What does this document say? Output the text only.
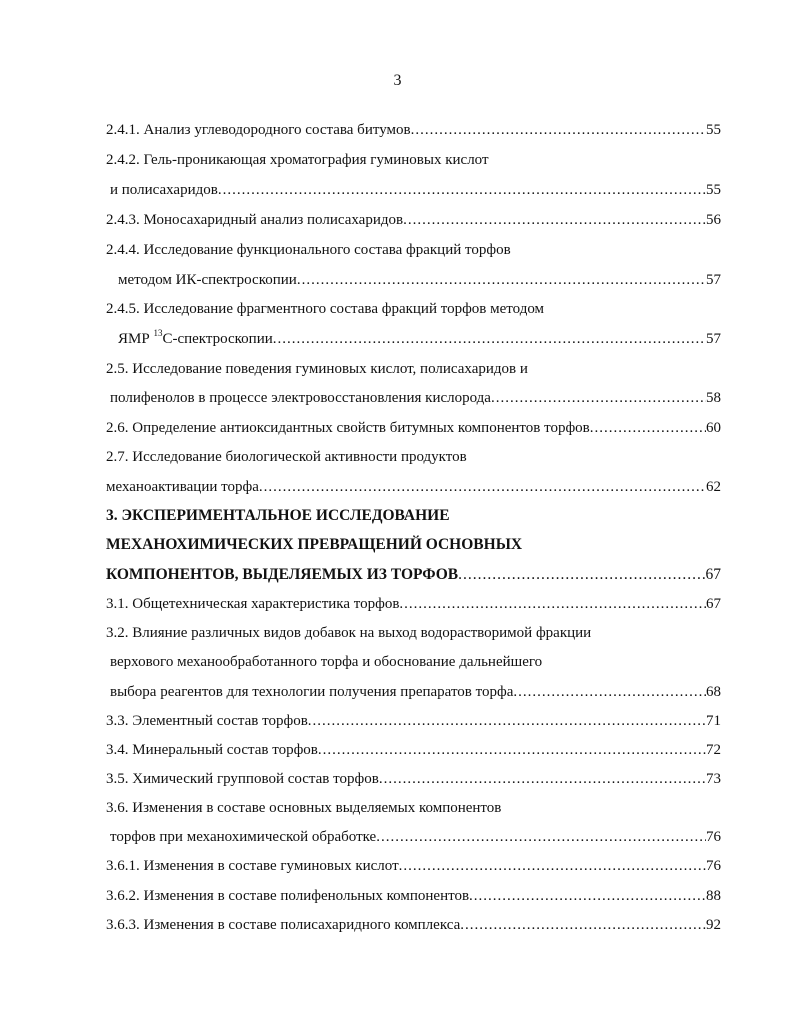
3
2.4.1. Анализ углеводородного состава битумов .....	55
2.4.2. Гель-проникающая хроматография гуминовых кислот
и полисахаридов .....	55
2.4.3. Моносахаридный анализ полисахаридов .....	56
2.4.4. Исследование функционального состава фракций торфов
методом ИК-спектроскопии .....	57
2.4.5. Исследование фрагментного состава фракций торфов методом
ЯМР $^{13}$С-спектроскопии .....	57
2.5. Исследование поведения гуминовых кислот, полисахаридов и
полифенолов в процессе электровосстановления кислорода .....	58
2.6. Определение антиоксидантных свойств битумных компонентов торфов .....	60
2.7. Исследование биологической активности продуктов
механоактивации торфа .....	62
3. ЭКСПЕРИМЕНТАЛЬНОЕ ИССЛЕДОВАНИЕ
МЕХАНОХИМИЧЕСКИХ ПРЕВРАЩЕНИЙ ОСНОВНЫХ
КОМПОНЕНТОВ, ВЫДЕЛЯЕМЫХ ИЗ ТОРФОВ .....	67
3.1. Общетехническая характеристика торфов .....	67
3.2. Влияние различных видов добавок на выход водорастворимой фракции
верхового механообработанного торфа и обоснование дальнейшего
выбора реагентов для технологии получения препаратов торфа .....	68
3.3. Элементный состав торфов .....	71
3.4. Минеральный состав торфов .....	72
3.5. Химический групповой состав торфов .....	73
3.6. Изменения в составе основных выделяемых компонентов
торфов при механохимической обработке .....	76
3.6.1. Изменения в составе гуминовых кислот .....	76
3.6.2. Изменения в составе полифенольных компонентов .....	88
3.6.3. Изменения в составе полисахаридного комплекса .....	92
